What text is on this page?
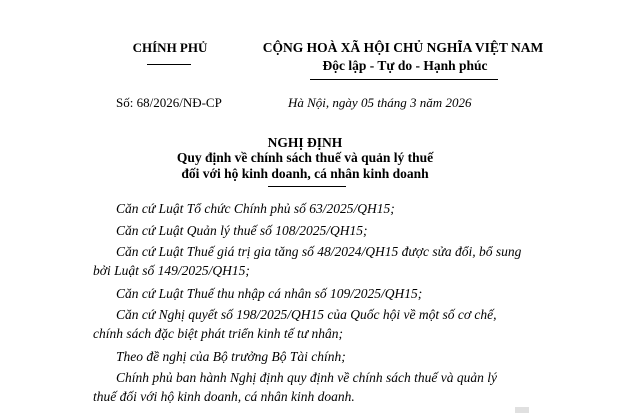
CHÍNH PHỦ	CỘNG HOÀ XÃ HỘI CHỦ NGHĨA VIỆT NAM
Độc lập - Tự do - Hạnh phúc
Số: 68/2026/NĐ-CP	Hà Nội, ngày 05 tháng 3 năm 2026
NGHỊ ĐỊNH
Quy định về chính sách thuế và quản lý thuế
đối với hộ kinh doanh, cá nhân kinh doanh
Căn cứ Luật Tổ chức Chính phủ số 63/2025/QH15;
Căn cứ Luật Quản lý thuế số 108/2025/QH15;
Căn cứ Luật Thuế giá trị gia tăng số 48/2024/QH15 được sửa đổi, bổ sung
bởi Luật số 149/2025/QH15;
Căn cứ Luật Thuế thu nhập cá nhân số 109/2025/QH15;
Căn cứ Nghị quyết số 198/2025/QH15 của Quốc hội về một số cơ chế,
chính sách đặc biệt phát triển kinh tế tư nhân;
Theo đề nghị của Bộ trưởng Bộ Tài chính;
Chính phủ ban hành Nghị định quy định về chính sách thuế và quản lý
thuế đối với hộ kinh doanh, cá nhân kinh doanh.
